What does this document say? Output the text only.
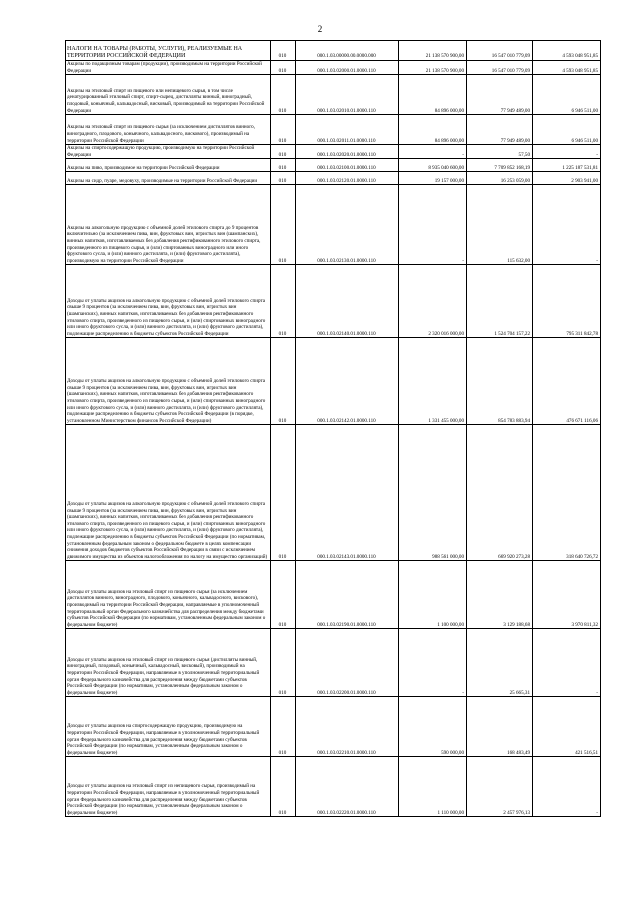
2
НАЛОГИ НА ТОВАРЫ (РАБОТЫ, УСЛУГИ), РЕАЛИЗУЕМЫЕ НА ТЕРРИТОРИИ РОССИЙСКОЙ ФЕДЕРАЦИИ	010	000.1.03.00000.00.0000.000	21 138 570 900,00	16 547 010 779,09	4 593 048 951,85
Акцизы по подакцизным товарам (продукции), производимым на территории Российской Федерации	010	000.1.03.02000.01.0000.110	21 138 570 900,00	16 547 010 779,09	4 593 048 951,85
Акцизы на этиловый спирт из пищевого или непищевого сырья, в том числе денатурированный этиловый спирт, спирт-сырец, дистилляты винный, виноградный, плодовый, коньячный, кальвадосный, висковый, производимый на территории Российской Федерации	010	000.1.03.02010.01.0000.110	84 896 000,00	77 949 489,00	6 946 511,00
Акцизы на этиловый спирт из пищевого сырья (за исключением дистиллятов винного, виноградного, плодового, коньячного, кальвадосного, вискового), производимый на территории Российской Федерации	010	000.1.03.02011.01.0000.110	84 896 000,00	77 949 489,00	6 946 511,00
Акцизы на спиртосодержащую продукцию, производимую на территории Российской Федерации	010	000.1.03.02020.01.0000.110	-	57,50	-
Акцизы на пиво, производимое на территории Российской Федерации	010	000.1.03.02100.01.0000.110	8 935 040 600,00	7 709 852 168,19	1 225 187 531,81
Акцизы на сидр, пуаре, медовуху, производимые на территории Российской Федерации	010	000.1.03.02120.01.0000.110	19 157 000,00	16 253 059,00	2 903 941,00
Акцизы на алкогольную продукцию с объемной долей этилового спирта до 9 процентов включительно (за исключением пива, вин, фруктовых вин, игристых вин (шампанских), винных напитков, изготавливаемых без добавления ректификованного этилового спирта, произведенного из пищевого сырья, и (или) спиртованных виноградного или иного фруктового сусла, и (или) винного дистиллята, и (или) фруктового дистиллята), производимую на территории Российской Федерации	010	000.1.03.02130.01.0000.110	-	115 632,00	-
Доходы от уплаты акцизов на алкогольную продукцию с объемной долей этилового спирта свыше 9 процентов (за исключением пива, вин, фруктовых вин, игристых вин (шампанских), винных напитков, изготавливаемых без добавления ректификованного этилового спирта, произведенного из пищевого сырья, и (или) спиртованных виноградного или иного фруктового сусла, и (или) винного дистиллята, и (или) фруктового дистиллята), подлежащие распределению в бюджеты субъектов Российской Федерации	010	000.1.03.02140.01.0000.110	2 320 016 000,00	1 524 704 157,22	795 311 842,78
Доходы от уплаты акцизов на алкогольную продукцию с объемной долей этилового спирта свыше 9 процентов (за исключением пива, вин, фруктовых вин, игристых вин (шампанских), винных напитков, изготавливаемых без добавления ректификованного этилового спирта, произведенного из пищевого сырья, и (или) спиртованных виноградного или иного фруктового сусла, и (или) винного дистиллята, и (или) фруктового дистиллята), подлежащие распределению в бюджеты субъектов Российской Федерации (в порядке, установленном Министерством финансов Российской Федерации)	010	000.1.03.02142.01.0000.110	1 331 455 000,00	854 783 883,94	476 671 116,06
Доходы от уплаты акцизов на алкогольную продукцию с объемной долей этилового спирта свыше 9 процентов (за исключением пива, вин, фруктовых вин, игристых вин (шампанских), винных напитков, изготавливаемых без добавления ректификованного этилового спирта, произведенного из пищевого сырья, и (или) спиртованных виноградного или иного фруктового сусла, и (или) винного дистиллята, и (или) фруктового дистиллята), подлежащие распределению в бюджеты субъектов Российской Федерации (по нормативам, установленным федеральным законом о федеральном бюджете в целях компенсации снижения доходов бюджетов субъектов Российской Федерации в связи с исключением движимого имущества из объектов налогообложения по налогу на имущество организаций)	010	000.1.03.02143.01.0000.110	988 561 000,00	669 920 273,28	318 640 726,72
Доходы от уплаты акцизов на этиловый спирт из пищевого сырья (за исключением дистиллятов винного, виноградного, плодового, коньячного, кальвадосного, вискового), производимый на территории Российской Федерации, направляемые в уполномоченный территориальный орган Федерального казначейства для распределения между бюджетами субъектов Российской Федерации (по нормативам, установленным федеральным законом о федеральном бюджете)	010	000.1.03.02190.01.0000.110	1 100 000,00	3 129 188,68	3 970 811,32
Доходы от уплаты акцизов на этиловый спирт из пищевого сырья (дистилляты винный, виноградный, плодовый, коньячный, кальвадосный, висковый), производимый на территории Российской Федерации, направляемые в уполномоченный территориальный орган Федерального казначейства для распределения между бюджетами субъектов Российской Федерации (по нормативам, установленным федеральным законом о федеральном бюджете)	010	000.1.03.02200.01.0000.110	-	25 665,31	-
Доходы от уплаты акцизов на спиртосодержащую продукцию, производимую на территории Российской Федерации, направляемые в уполномоченный территориальный орган Федерального казначейства для распределения между бюджетами субъектов Российской Федерации (по нормативам, установленным федеральным законом о федеральном бюджете)	010	000.1.03.02210.01.0000.110	590 000,00	168 483,49	421 516,51
Доходы от уплаты акцизов на этиловый спирт из непищевого сырья, производимый на территории Российской Федерации, направляемые в уполномоченный территориальный орган Федерального казначейства для распределения между бюджетами субъектов Российской Федерации (по нормативам, установленным федеральным законом о федеральном бюджете)	010	000.1.03.02220.01.0000.110	1 110 000,00	2 457 976,13	-
